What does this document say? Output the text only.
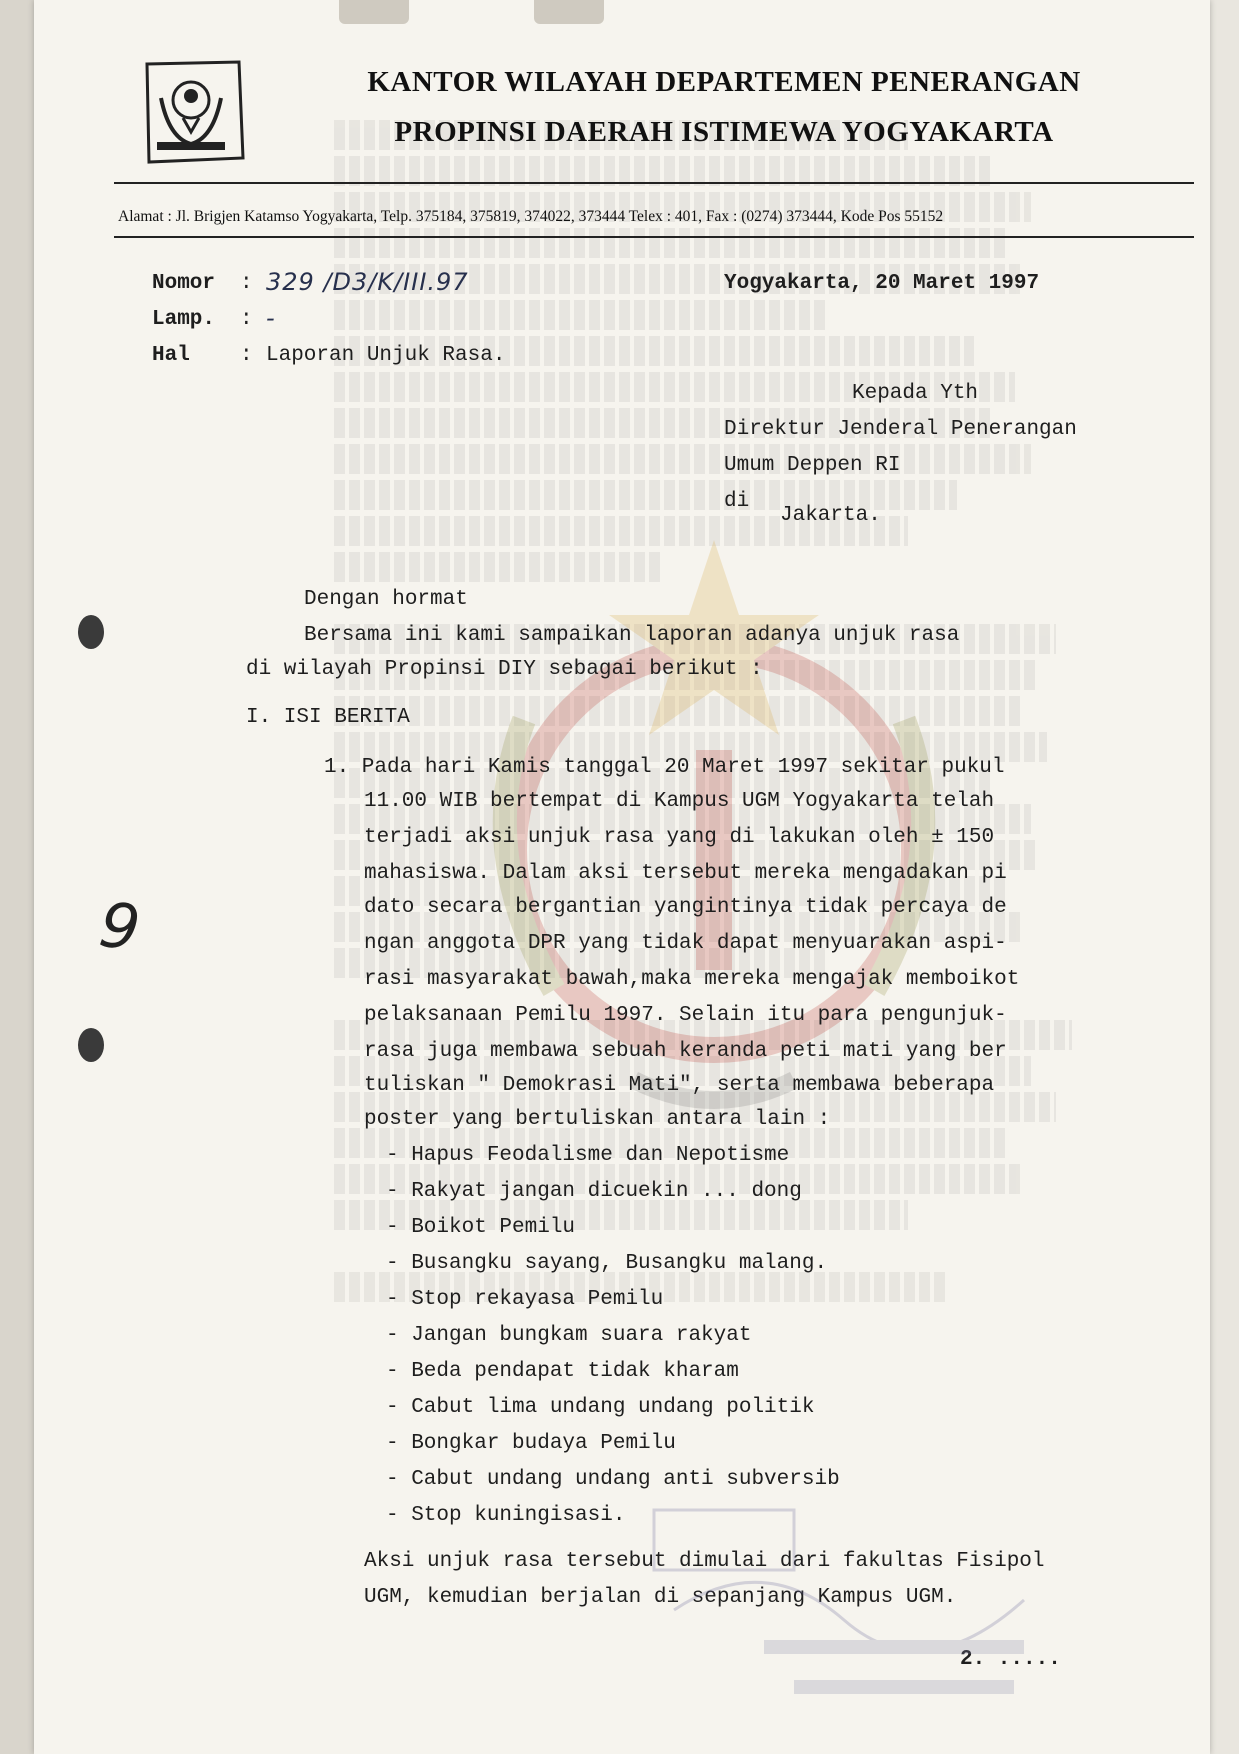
KANTOR WILAYAH DEPARTEMEN PENERANGAN
PROPINSI DAERAH ISTIMEWA YOGYAKARTA
Alamat : Jl. Brigjen Katamso Yogyakarta, Telp. 375184, 375819, 374022, 373444 Telex : 401, Fax : (0274) 373444, Kode Pos 55152
Nomor : 329 /D3/K/III.97
Lamp. : -
Hal : Laporan Unjuk Rasa.
Yogyakarta, 20 Maret 1997
Kepada Yth
Direktur Jenderal Penerangan
Umum Deppen RI
di
Jakarta.
Dengan hormat
Bersama ini kami sampaikan laporan adanya unjuk rasa
di wilayah Propinsi DIY sebagai berikut :
I. ISI BERITA
1. Pada hari Kamis tanggal 20 Maret 1997 sekitar pukul
11.00 WIB bertempat di Kampus UGM Yogyakarta telah
terjadi aksi unjuk rasa yang di lakukan oleh ± 150
mahasiswa. Dalam aksi tersebut mereka mengadakan pi
dato secara bergantian yangintinya tidak percaya de
ngan anggota DPR yang tidak dapat menyuarakan aspi-
rasi masyarakat bawah,maka mereka mengajak memboikot
pelaksanaan Pemilu 1997. Selain itu para pengunjuk-
rasa juga membawa sebuah keranda peti mati yang ber
tuliskan " Demokrasi Mati", serta membawa beberapa
poster yang bertuliskan antara lain :
- Hapus Feodalisme dan Nepotisme
- Rakyat jangan dicuekin ... dong
- Boikot Pemilu
- Busangku sayang, Busangku malang.
- Stop rekayasa Pemilu
- Jangan bungkam suara rakyat
- Beda pendapat tidak kharam
- Cabut lima undang undang politik
- Bongkar budaya Pemilu
- Cabut undang undang anti subversib
- Stop kuningisasi.
Aksi unjuk rasa tersebut dimulai dari fakultas Fisipol
UGM, kemudian berjalan di sepanjang Kampus UGM.
2. .....
9
